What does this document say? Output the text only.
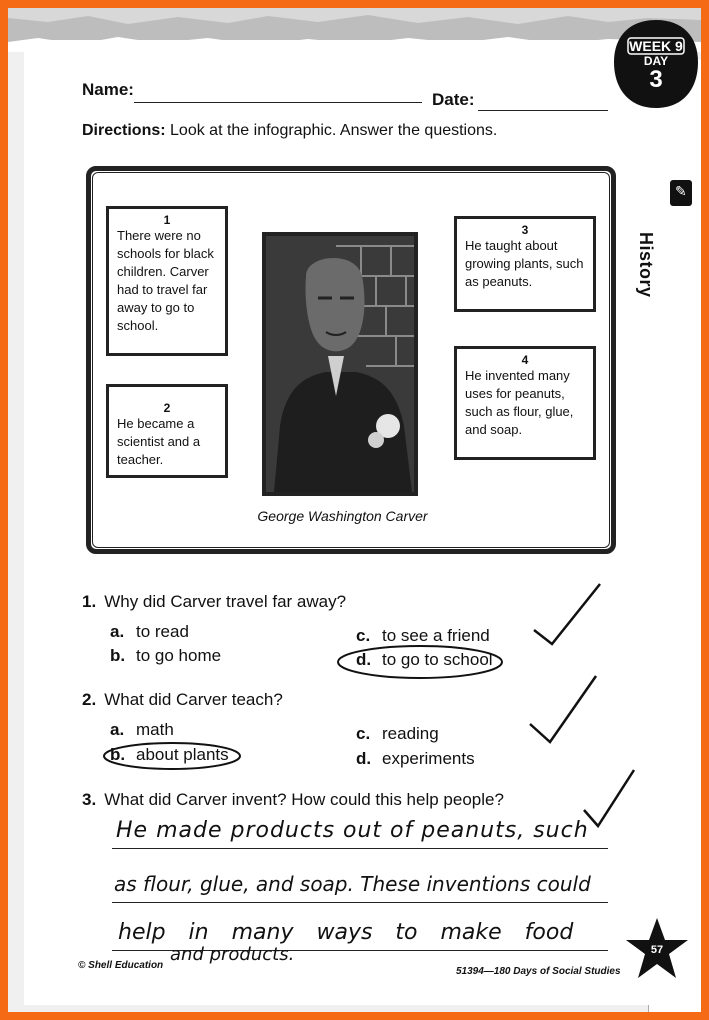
WEEK 9
DAY
3
✎
History
Name:
Date:
Directions: Look at the infographic. Answer the questions.
1
There were no schools for black children. Carver had to travel far away to go to school.
2
He became a scientist and a teacher.
3
He taught about growing plants, such as peanuts.
4
He invented many uses for peanuts, such as flour, glue, and soap.
George Washington Carver
1. Why did Carver travel far away?
a. to read
b. to go home
c. to see a friend
d. to go to school
2. What did Carver teach?
a. math
b. about plants
c. reading
d. experiments
3. What did Carver invent? How could this help people?
He made products out of peanuts, such
as flour, glue, and soap. These inventions could
help in many ways to make food
and products.
© Shell Education
51394—180 Days of Social Studies
57
